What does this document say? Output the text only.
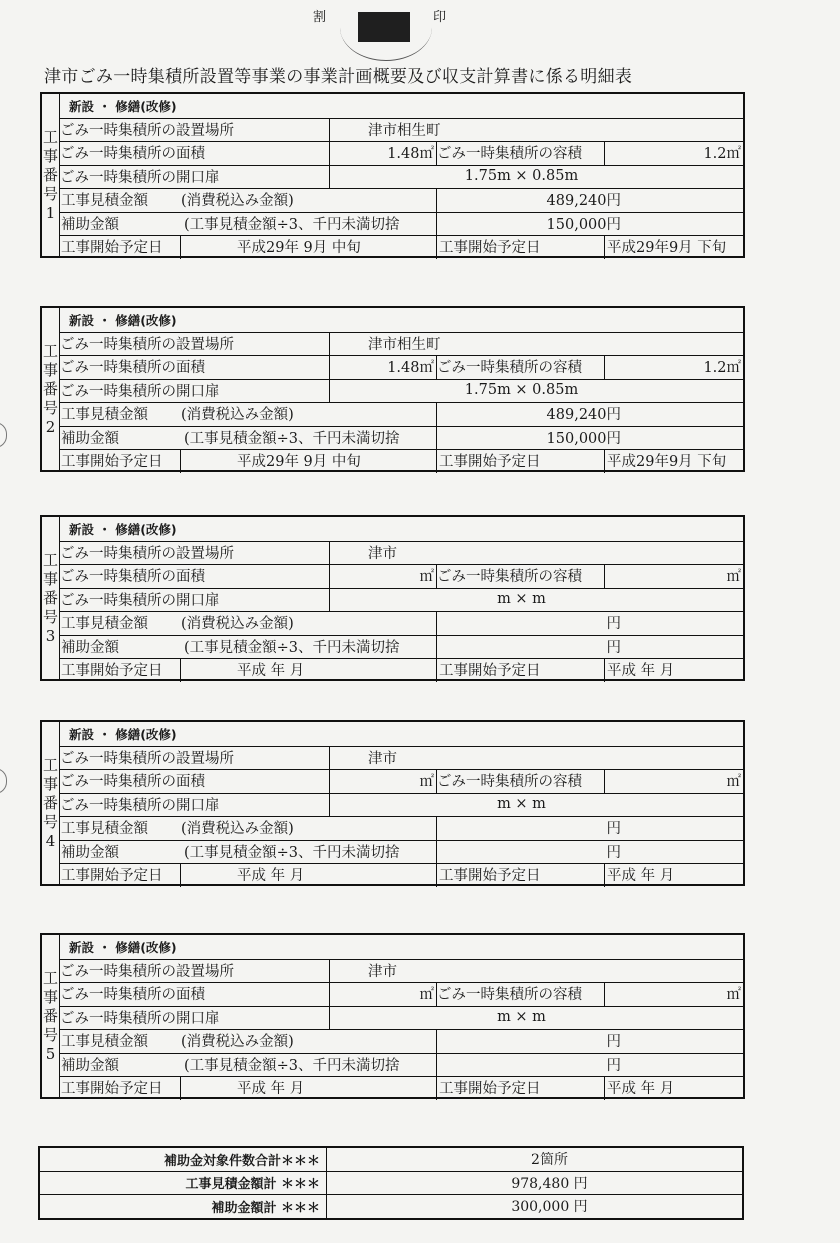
割	印
津市ごみ一時集積所設置等事業の事業計画概要及び収支計算書に係る明細表
工
事
番
号
1
新設 ・ 修繕(改修)
ごみ一時集積所の設置場所	津市相生町
ごみ一時集積所の面積	1.48㎡ ごみ一時集積所の容積	1.2㎡
ごみ一時集積所の開口扉	1.75m × 0.85m
工事見積金額	(消費税込み金額)	489,240円
補助金額	(工事見積金額÷3、千円未満切捨	150,000円
工事開始予定日	平成29年 9月 中旬	工事開始予定日	平成29年9月 下旬
工
事
番
号
2
新設 ・ 修繕(改修)
ごみ一時集積所の設置場所	津市相生町
ごみ一時集積所の面積	1.48㎡ ごみ一時集積所の容積	1.2㎡
ごみ一時集積所の開口扉	1.75m × 0.85m
工事見積金額	(消費税込み金額)	489,240円
補助金額	(工事見積金額÷3、千円未満切捨	150,000円
工事開始予定日	平成29年 9月 中旬	工事開始予定日	平成29年9月 下旬
工
事
番
号
3
新設 ・ 修繕(改修)
ごみ一時集積所の設置場所	津市
ごみ一時集積所の面積	㎡ ごみ一時集積所の容積	㎡
ごみ一時集積所の開口扉	m × m
工事見積金額	(消費税込み金額)	円
補助金額	(工事見積金額÷3、千円未満切捨	円
工事開始予定日	平成 年 月	工事開始予定日	平成 年 月
工
事
番
号
4
新設 ・ 修繕(改修)
ごみ一時集積所の設置場所	津市
ごみ一時集積所の面積	㎡ ごみ一時集積所の容積	㎡
ごみ一時集積所の開口扉	m × m
工事見積金額	(消費税込み金額)	円
補助金額	(工事見積金額÷3、千円未満切捨	円
工事開始予定日	平成 年 月	工事開始予定日	平成 年 月
工
事
番
号
5
新設 ・ 修繕(改修)
ごみ一時集積所の設置場所	津市
ごみ一時集積所の面積	㎡ ごみ一時集積所の容積	㎡
ごみ一時集積所の開口扉	m × m
工事見積金額	(消費税込み金額)	円
補助金額	(工事見積金額÷3、千円未満切捨	円
工事開始予定日	平成 年 月	工事開始予定日	平成 年 月
補助金対象件数合計＊＊＊	2箇所
工事見積金額計 ＊＊＊	978,480 円
補助金額計 ＊＊＊	300,000 円
